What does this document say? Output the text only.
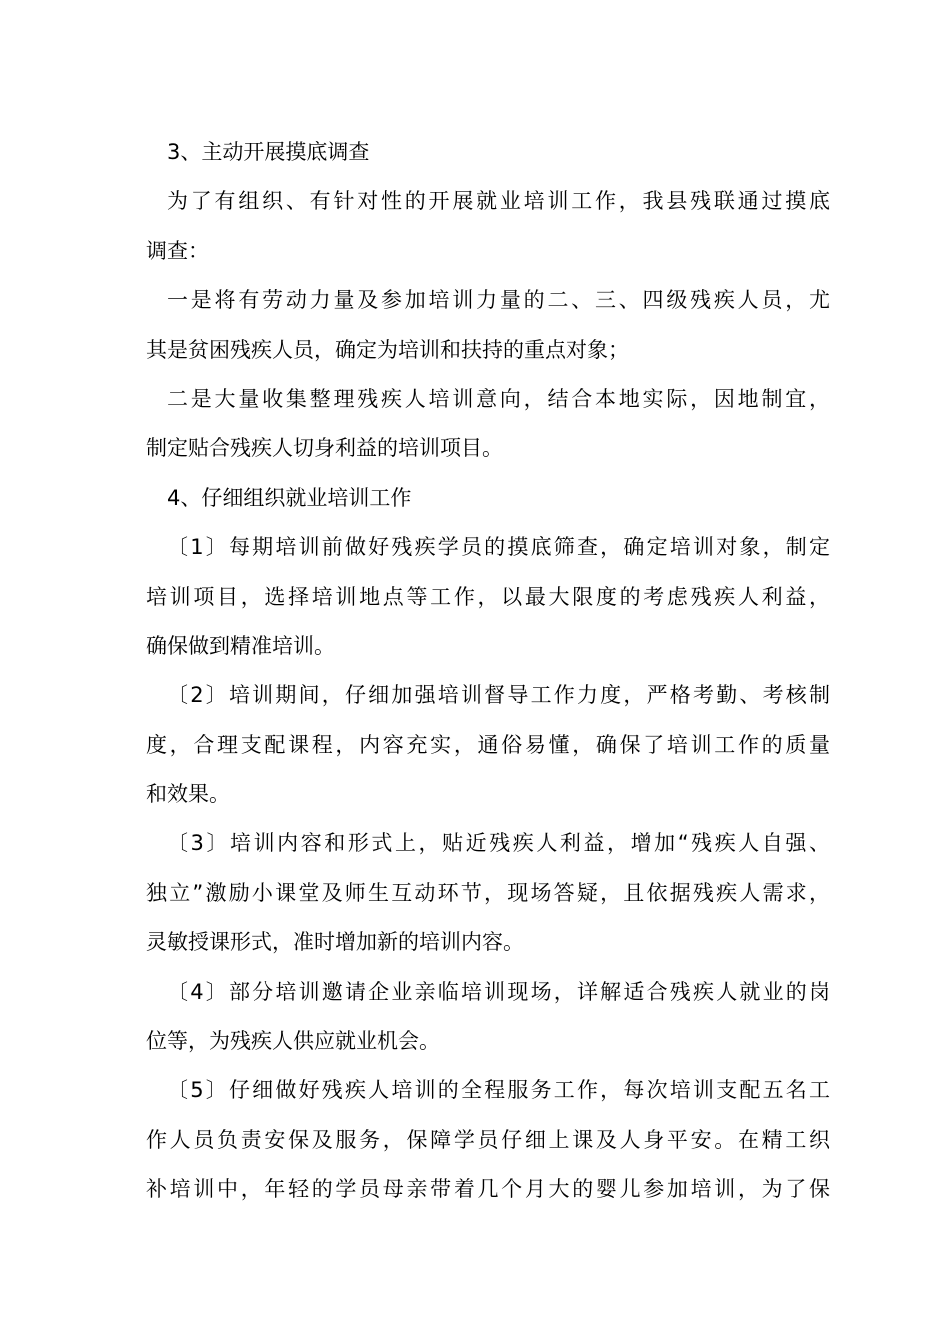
3、主动开展摸底调查
为了有组织、有针对性的开展就业培训工作，我县残联通过摸底
调查：
一是将有劳动力量及参加培训力量的二、三、四级残疾人员，尤
其是贫困残疾人员，确定为培训和扶持的重点对象；
二是大量收集整理残疾人培训意向，结合本地实际，因地制宜，
制定贴合残疾人切身利益的培训项目。
4、仔细组织就业培训工作
〔1〕每期培训前做好残疾学员的摸底筛查，确定培训对象，制定
培训项目，选择培训地点等工作，以最大限度的考虑残疾人利益，
确保做到精准培训。
〔2〕培训期间，仔细加强培训督导工作力度，严格考勤、考核制
度，合理支配课程，内容充实，通俗易懂，确保了培训工作的质量
和效果。
〔3〕培训内容和形式上，贴近残疾人利益，增加“残疾人自强、
独立”激励小课堂及师生互动环节，现场答疑，且依据残疾人需求，
灵敏授课形式，准时增加新的培训内容。
〔4〕部分培训邀请企业亲临培训现场，详解适合残疾人就业的岗
位等，为残疾人供应就业机会。
〔5〕仔细做好残疾人培训的全程服务工作，每次培训支配五名工
作人员负责安保及服务，保障学员仔细上课及人身平安。在精工织
补培训中，年轻的学员母亲带着几个月大的婴儿参加培训，为了保
